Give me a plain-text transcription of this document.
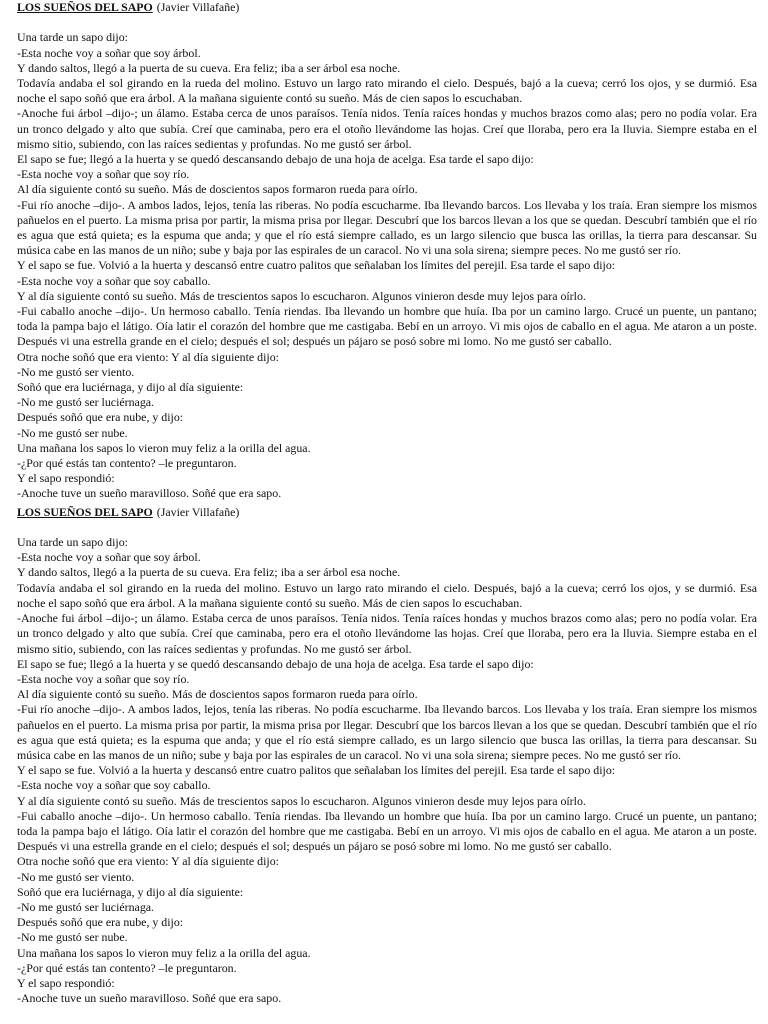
LOS SUEÑOS DEL SAPO (Javier Villafañe)

Una tarde un sapo dijo:

-Esta noche voy a soñar que soy árbol.

Y dando saltos, llegó a la puerta de su cueva. Era feliz; iba a ser árbol esa noche.

Todavía andaba el sol girando en la rueda del molino. Estuvo un largo rato mirando el cielo. Después, bajó a la cueva; cerró los ojos, y se durmió. Esa noche el sapo soñó que era árbol. A la mañana siguiente contó su sueño. Más de cien sapos lo escuchaban.

-Anoche fui árbol –dijo-; un álamo. Estaba cerca de unos paraísos. Tenía nidos. Tenía raíces hondas y muchos brazos como alas; pero no podía volar. Era un tronco delgado y alto que subía. Creí que caminaba, pero era el otoño llevándome las hojas. Creí que lloraba, pero era la lluvia. Siempre estaba en el mismo sitio, subiendo, con las raíces sedientas y profundas. No me gustó ser árbol.

El sapo se fue; llegó a la huerta y se quedó descansando debajo de una hoja de acelga. Esa tarde el sapo dijo:

-Esta noche voy a soñar que soy río.

Al día siguiente contó su sueño. Más de doscientos sapos formaron rueda para oírlo.

-Fui río anoche –dijo-. A ambos lados, lejos, tenía las riberas. No podía escucharme. Iba llevando barcos. Los llevaba y los traía. Eran siempre los mismos pañuelos en el puerto. La misma prisa por partir, la misma prisa por llegar. Descubrí que los barcos llevan a los que se quedan. Descubrí también que el río es agua que está quieta; es la espuma que anda; y que el río está siempre callado, es un largo silencio que busca las orillas, la tierra para descansar. Su música cabe en las manos de un niño; sube y baja por las espirales de un caracol. No vi una sola sirena; siempre peces. No me gustó ser río.

Y el sapo se fue. Volvió a la huerta y descansó entre cuatro palitos que señalaban los límites del perejil. Esa tarde el sapo dijo:

-Esta noche voy a soñar que soy caballo.

Y al día siguiente contó su sueño. Más de trescientos sapos lo escucharon. Algunos vinieron desde muy lejos para oírlo.

-Fui caballo anoche –dijo-. Un hermoso caballo. Tenía riendas. Iba llevando un hombre que huía. Iba por un camino largo. Crucé un puente, un pantano; toda la pampa bajo el látigo. Oía latir el corazón del hombre que me castigaba. Bebí en un arroyo. Vi mis ojos de caballo en el agua. Me ataron a un poste. Después vi una estrella grande en el cielo; después el sol; después un pájaro se posó sobre mi lomo. No me gustó ser caballo.

Otra noche soñó que era viento: Y al día siguiente dijo:

-No me gustó ser viento.

Soñó que era luciérnaga, y dijo al día siguiente:

-No me gustó ser luciérnaga.

Después soñó que era nube, y dijo:

-No me gustó ser nube.

Una mañana los sapos lo vieron muy feliz a la orilla del agua.

-¿Por qué estás tan contento? –le preguntaron.

Y el sapo respondió:

-Anoche tuve un sueño maravilloso. Soñé que era sapo.

LOS SUEÑOS DEL SAPO (Javier Villafañe)

Una tarde un sapo dijo:

-Esta noche voy a soñar que soy árbol.

Y dando saltos, llegó a la puerta de su cueva. Era feliz; iba a ser árbol esa noche.

Todavía andaba el sol girando en la rueda del molino. Estuvo un largo rato mirando el cielo. Después, bajó a la cueva; cerró los ojos, y se durmió. Esa noche el sapo soñó que era árbol. A la mañana siguiente contó su sueño. Más de cien sapos lo escuchaban.

-Anoche fui árbol –dijo-; un álamo. Estaba cerca de unos paraísos. Tenía nidos. Tenía raíces hondas y muchos brazos como alas; pero no podía volar. Era un tronco delgado y alto que subía. Creí que caminaba, pero era el otoño llevándome las hojas. Creí que lloraba, pero era la lluvia. Siempre estaba en el mismo sitio, subiendo, con las raíces sedientas y profundas. No me gustó ser árbol.

El sapo se fue; llegó a la huerta y se quedó descansando debajo de una hoja de acelga. Esa tarde el sapo dijo:

-Esta noche voy a soñar que soy río.

Al día siguiente contó su sueño. Más de doscientos sapos formaron rueda para oírlo.

-Fui río anoche –dijo-. A ambos lados, lejos, tenía las riberas. No podía escucharme. Iba llevando barcos. Los llevaba y los traía. Eran siempre los mismos pañuelos en el puerto. La misma prisa por partir, la misma prisa por llegar. Descubrí que los barcos llevan a los que se quedan. Descubrí también que el río es agua que está quieta; es la espuma que anda; y que el río está siempre callado, es un largo silencio que busca las orillas, la tierra para descansar. Su música cabe en las manos de un niño; sube y baja por las espirales de un caracol. No vi una sola sirena; siempre peces. No me gustó ser río.

Y el sapo se fue. Volvió a la huerta y descansó entre cuatro palitos que señalaban los límites del perejil. Esa tarde el sapo dijo:

-Esta noche voy a soñar que soy caballo.

Y al día siguiente contó su sueño. Más de trescientos sapos lo escucharon. Algunos vinieron desde muy lejos para oírlo.

-Fui caballo anoche –dijo-. Un hermoso caballo. Tenía riendas. Iba llevando un hombre que huía. Iba por un camino largo. Crucé un puente, un pantano; toda la pampa bajo el látigo. Oía latir el corazón del hombre que me castigaba. Bebí en un arroyo. Vi mis ojos de caballo en el agua. Me ataron a un poste. Después vi una estrella grande en el cielo; después el sol; después un pájaro se posó sobre mi lomo. No me gustó ser caballo.

Otra noche soñó que era viento: Y al día siguiente dijo:

-No me gustó ser viento.

Soñó que era luciérnaga, y dijo al día siguiente:

-No me gustó ser luciérnaga.

Después soñó que era nube, y dijo:

-No me gustó ser nube.

Una mañana los sapos lo vieron muy feliz a la orilla del agua.

-¿Por qué estás tan contento? –le preguntaron.

Y el sapo respondió:

-Anoche tuve un sueño maravilloso. Soñé que era sapo.
